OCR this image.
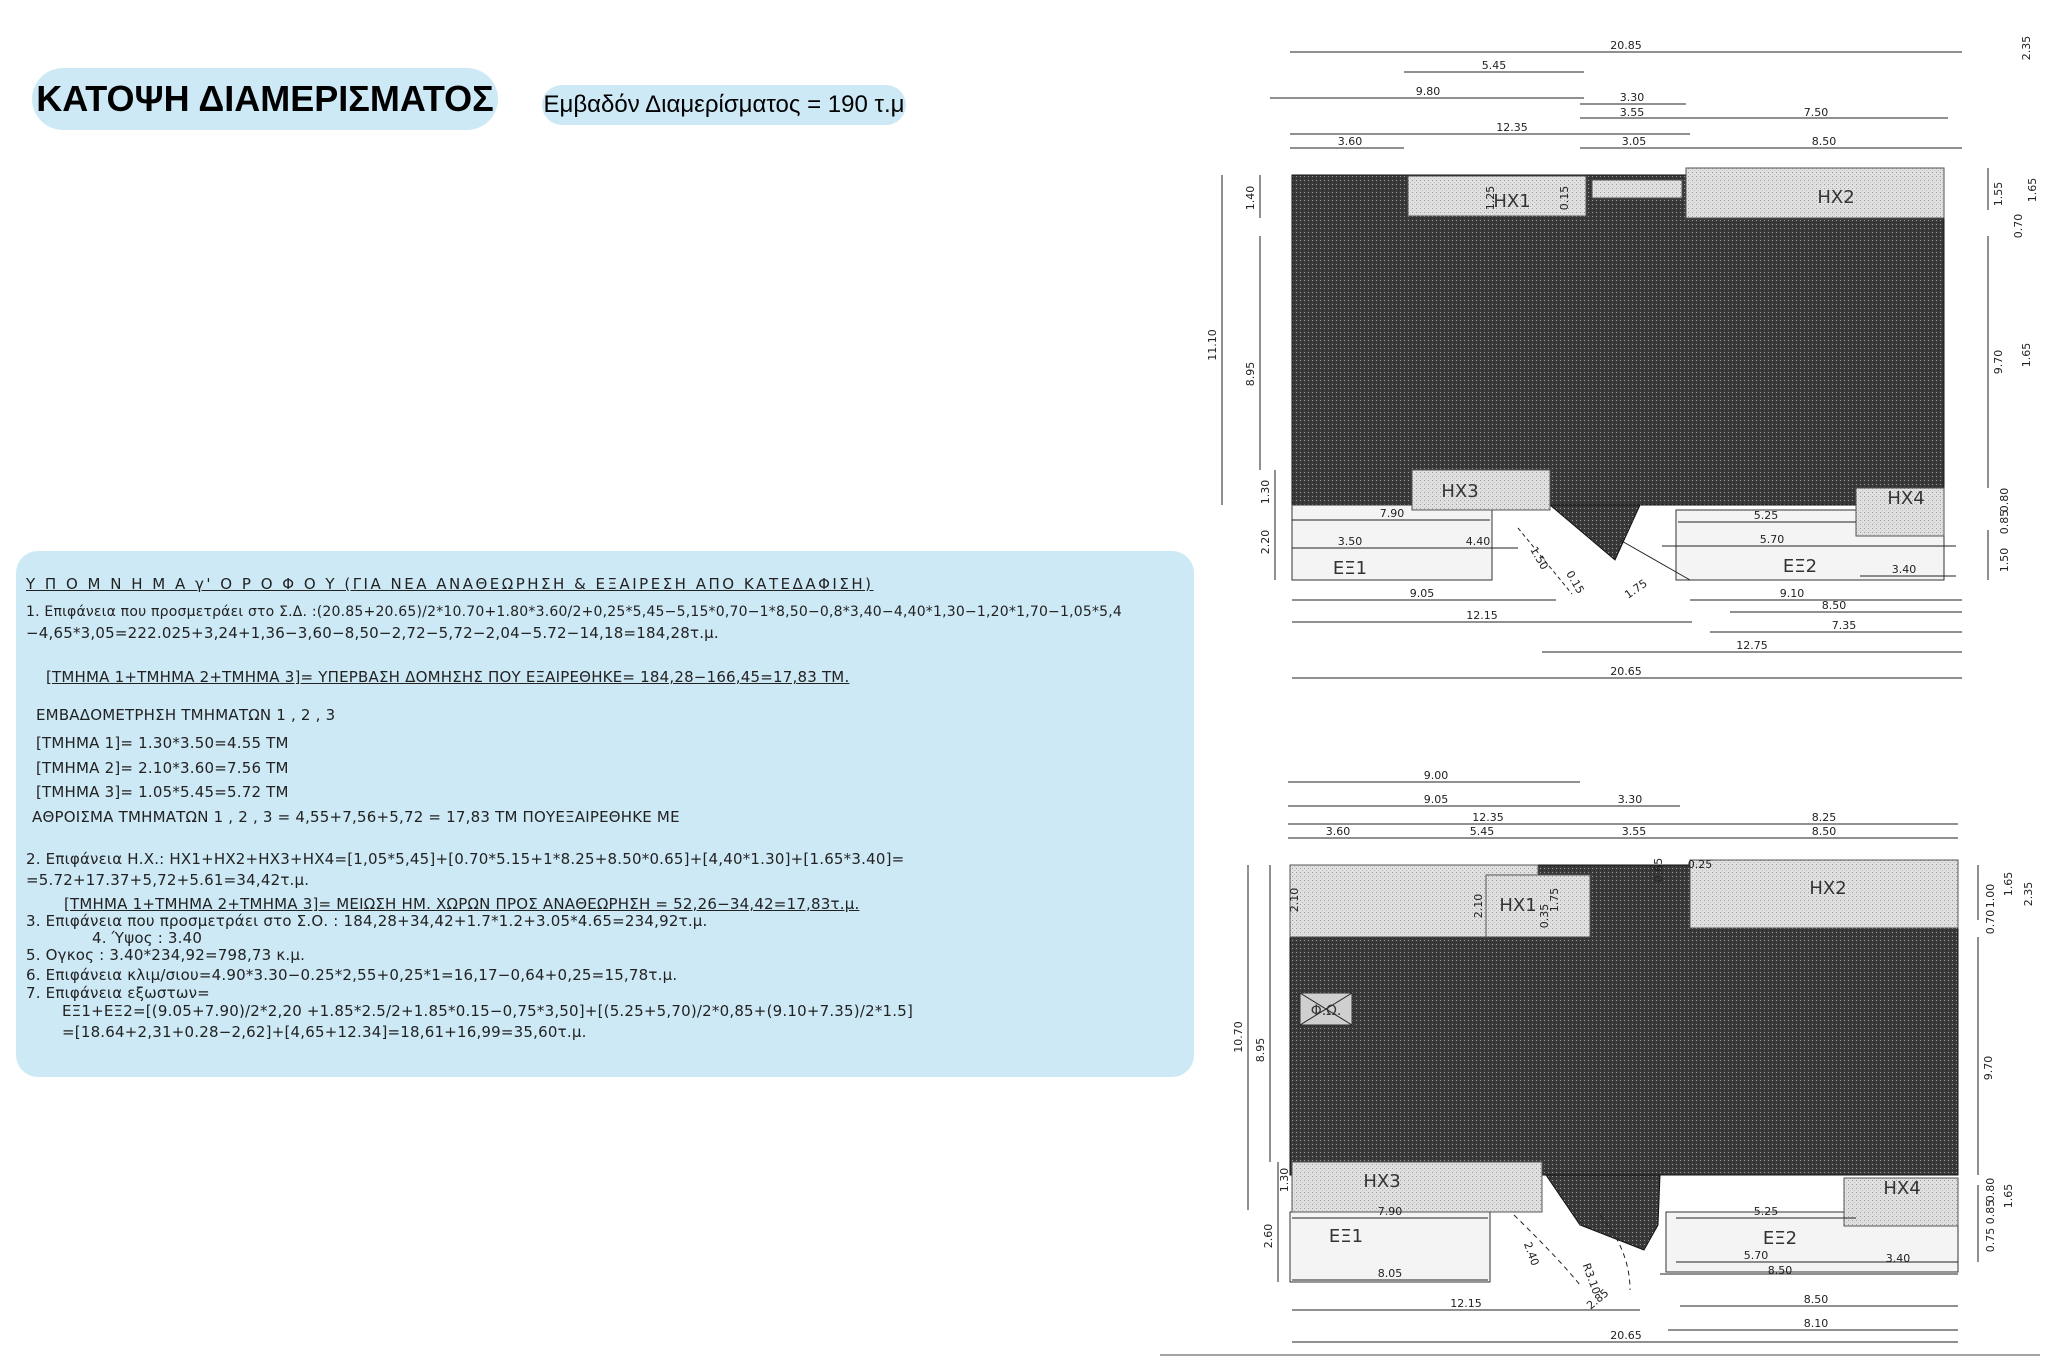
ΚΑΤΟΨΗ ΔΙΑΜΕΡΙΣΜΑΤΟΣ Εμβαδόν Διαμερίσματος = 190 τ.μ
Υ Π Ο Μ Ν Η Μ Α γ' Ο Ρ Ο Φ Ο Υ (ΓΙΑ ΝΕΑ ΑΝΑΘΕΩΡΗΣΗ & ΕΞΑΙΡΕΣΗ ΑΠΟ ΚΑΤΕΔΑΦΙΣΗ)
1. Επιφάνεια που προσμετράει στο Σ.Δ. :(20.85+20.65)/2*10.70+1.80*3.60/2+0,25*5,45−5,15*0,70−1*8,50−0,8*3,40−4,40*1,30−1,20*1,70−1,05*5,4
−4,65*3,05=222.025+3,24+1,36−3,60−8,50−2,72−5,72−2,04−5.72−14,18=184,28τ.μ.
[ΤΜΗΜΑ 1+ΤΜΗΜΑ 2+ΤΜΗΜΑ 3]= ΥΠΕΡΒΑΣΗ ΔΟΜΗΣΗΣ ΠΟΥ ΕΞΑΙΡΕΘΗΚΕ= 184,28−166,45=17,83 ΤΜ.
ΕΜΒΑΔΟΜΕΤΡΗΣΗ ΤΜΗΜΑΤΩΝ 1 , 2 , 3
[ΤΜΗΜΑ 1]= 1.30*3.50=4.55 ΤΜ
[ΤΜΗΜΑ 2]= 2.10*3.60=7.56 ΤΜ
[ΤΜΗΜΑ 3]= 1.05*5.45=5.72 ΤΜ
ΑΘΡΟΙΣΜΑ ΤΜΗΜΑΤΩΝ 1 , 2 , 3 = 4,55+7,56+5,72 = 17,83 ΤΜ ΠΟΥΕΞΑΙΡΕΘΗΚΕ ΜΕ
2. Επιφάνεια Η.Χ.: ΗΧ1+ΗΧ2+ΗΧ3+ΗΧ4=[1,05*5,45]+[0.70*5.15+1*8.25+8.50*0.65]+[4,40*1.30]+[1.65*3.40]=
=5.72+17.37+5,72+5.61=34,42τ.μ.
[ΤΜΗΜΑ 1+ΤΜΗΜΑ 2+ΤΜΗΜΑ 3]= ΜΕΙΩΣΗ ΗΜ. ΧΩΡΩΝ ΠΡΟΣ ΑΝΑΘΕΩΡΗΣΗ = 52,26−34,42=17,83τ.μ.
3. Επιφάνεια που προσμετράει στο Σ.Ο. : 184,28+34,42+1.7*1.2+3.05*4.65=234,92τ.μ.
4. Ύψος : 3.40
5. Ογκος : 3.40*234,92=798,73 κ.μ.
6. Επιφάνεια κλιμ/σιου=4.90*3.30−0.25*2,55+0,25*1=16,17−0,64+0,25=15,78τ.μ.
7. Επιφάνεια εξωστων=
ΕΞ1+ΕΞ2=[(9.05+7.90)/2*2,20 +1.85*2.5/2+1.85*0.15−0,75*3,50]+[(5.25+5,70)/2*0,85+(9.10+7.35)/2*1.5]
=[18.64+2,31+0.28−2,62]+[4,65+12.34]=18,61+16,99=35,60τ.μ.
20.85
5.45
9.80	3.30
3.55	7.50
12.35
3.60	3.05	8.50
11.10
1.40
8.95
1.30
2.20
1.55
0.70
1.65
9.70 1.65
0.80
0.85
1.50
2.35
7.90	5.25
3.50	4.40	5.70
3.40
9.05	9.10
12.15
8.50
7.35
12.75
20.65
1.75
1.50
0.15
1.25	0.15
ΗΧ1	ΗΧ2
ΗΧ3	ΗΧ4
ΕΞ1	ΕΞ2
9.00
9.05	3.30
12.35	8.25
3.60	5.45	3.55	8.50
0.65 0.25
2.10
10.70 8.95
1.30
2.60
1.00 1.65 2.35
0.70
9.70
0.80 1.65
0.85
0.75
7.90	5.25
5.70	3.40
8.05	8.50
12.15	8.50
8.10
20.65
2.40
2.85
R3.10
2.10	1.75
0.35
ΗΧ1
ΗΧ2
ΗΧ3	ΗΧ4
ΕΞ1	ΕΞ2
Φ.Ω.
